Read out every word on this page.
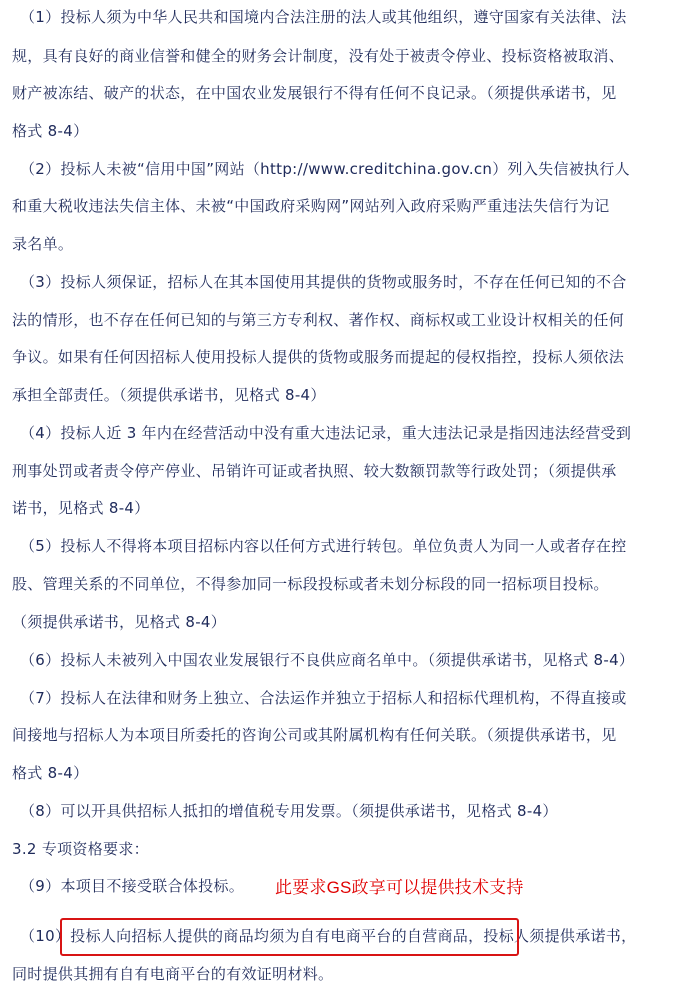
（1）投标人须为中华人民共和国境内合法注册的法人或其他组织，遵守国家有关法律、法
规，具有良好的商业信誉和健全的财务会计制度，没有处于被责令停业、投标资格被取消、
财产被冻结、破产的状态，在中国农业发展银行不得有任何不良记录。（须提供承诺书，见
格式 8-4）
（2）投标人未被“信用中国”网站（http://www.creditchina.gov.cn）列入失信被执行人
和重大税收违法失信主体、未被“中国政府采购网”网站列入政府采购严重违法失信行为记
录名单。
（3）投标人须保证，招标人在其本国使用其提供的货物或服务时，不存在任何已知的不合
法的情形，也不存在任何已知的与第三方专利权、著作权、商标权或工业设计权相关的任何
争议。如果有任何因招标人使用投标人提供的货物或服务而提起的侵权指控，投标人须依法
承担全部责任。（须提供承诺书，见格式 8-4）
（4）投标人近 3 年内在经营活动中没有重大违法记录，重大违法记录是指因违法经营受到
刑事处罚或者责令停产停业、吊销许可证或者执照、较大数额罚款等行政处罚；（须提供承
诺书，见格式 8-4）
（5）投标人不得将本项目招标内容以任何方式进行转包。单位负责人为同一人或者存在控
股、管理关系的不同单位，不得参加同一标段投标或者未划分标段的同一招标项目投标。
（须提供承诺书，见格式 8-4）
（6）投标人未被列入中国农业发展银行不良供应商名单中。（须提供承诺书，见格式 8-4）
（7）投标人在法律和财务上独立、合法运作并独立于招标人和招标代理机构，不得直接或
间接地与招标人为本项目所委托的咨询公司或其附属机构有任何关联。（须提供承诺书，见
格式 8-4）
（8）可以开具供招标人抵扣的增值税专用发票。（须提供承诺书，见格式 8-4）
3.2 专项资格要求：
（9）本项目不接受联合体投标。 此要求GS政享可以提供技术支持
（10）投标人向招标人提供的商品均须为自有电商平台的自营商品，投标人须提供承诺书，
同时提供其拥有自有电商平台的有效证明材料。
